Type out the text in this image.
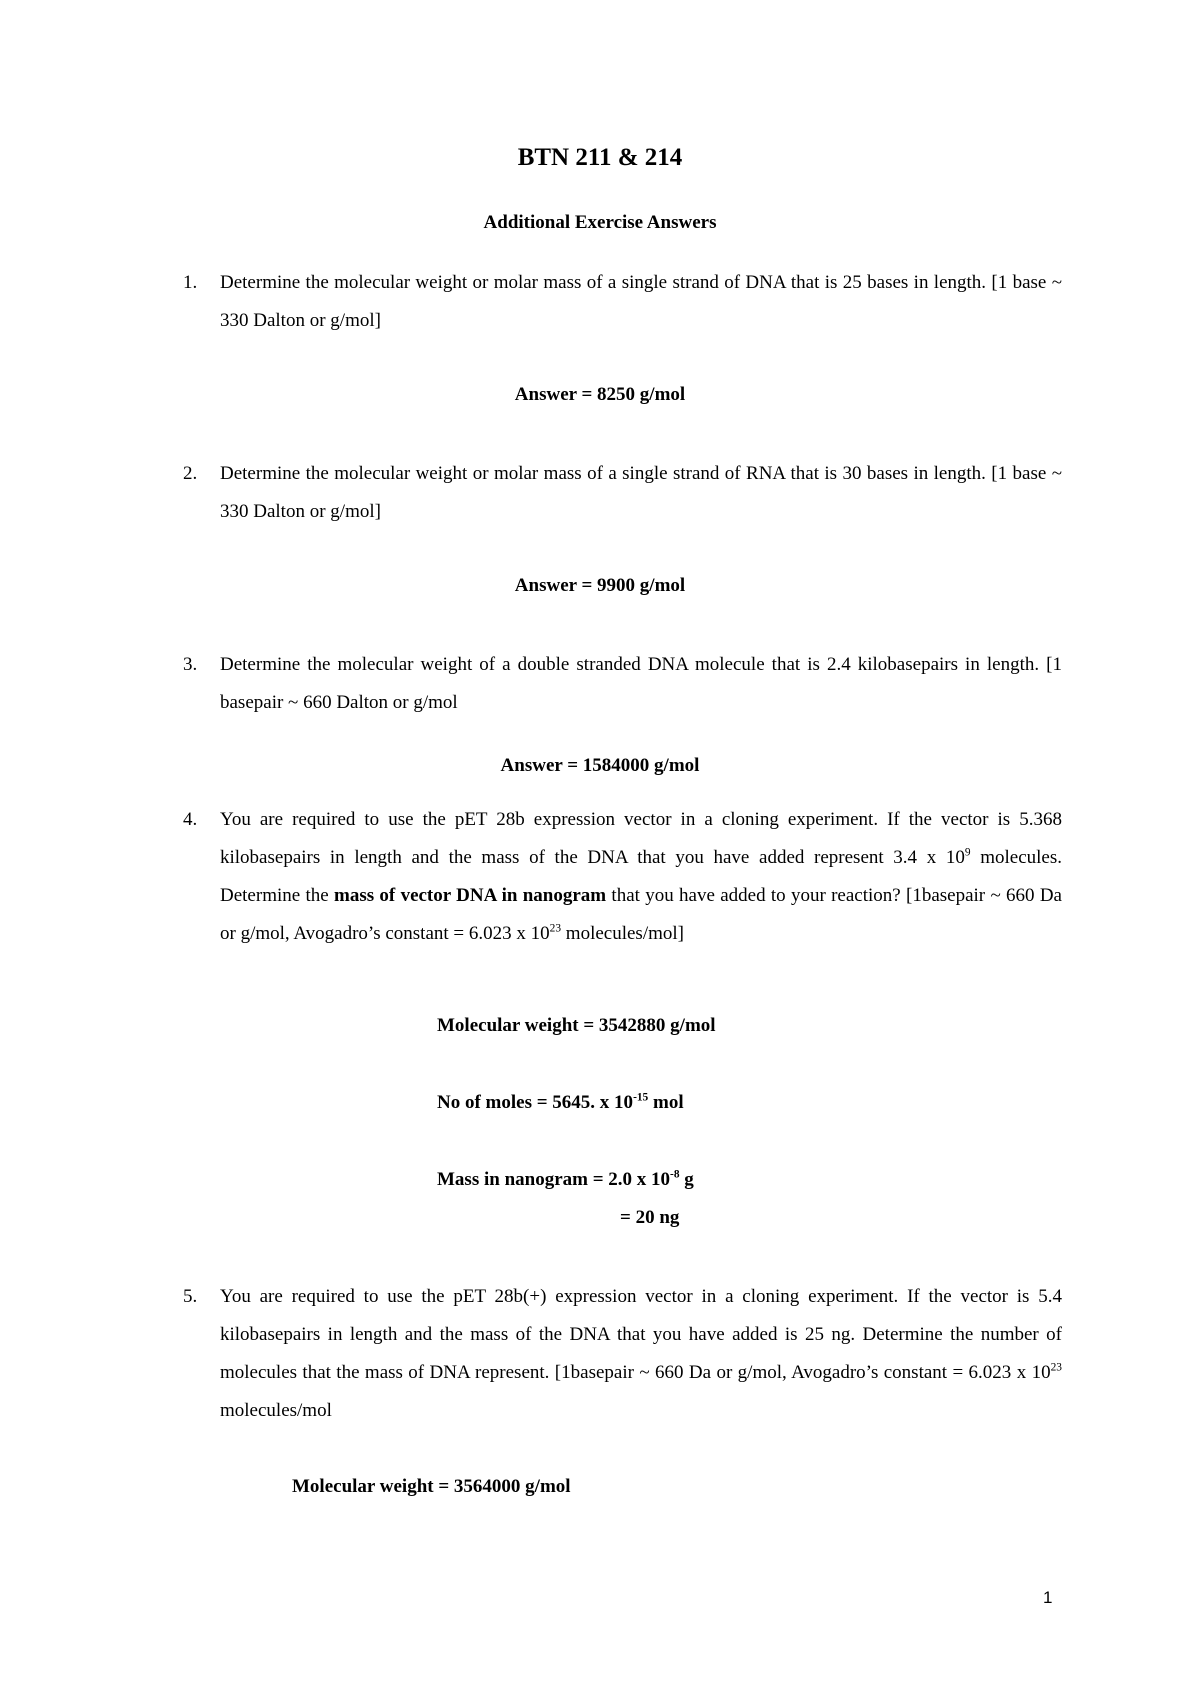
BTN 211 & 214
Additional Exercise Answers
1.	Determine the molecular weight or molar mass of a single strand of DNA that is 25 bases in length. [1 base ~ 330 Dalton or g/mol]

Answer = 8250 g/mol
2.	Determine the molecular weight or molar mass of a single strand of RNA that is 30 bases in length. [1 base ~ 330 Dalton or g/mol]

Answer = 9900 g/mol
3.	Determine the molecular weight of a double stranded DNA molecule that is 2.4 kilobasepairs in length. [1 basepair ~ 660 Dalton or g/mol

Answer = 1584000 g/mol
4.	You are required to use the pET 28b expression vector in a cloning experiment. If the vector is 5.368 kilobasepairs in length and the mass of the DNA that you have added represent 3.4 x $10^9$ molecules. Determine the mass of vector DNA in nanogram that you have added to your reaction? [1basepair ~ 660 Da or g/mol, Avogadro’s constant = 6.023 x $10^{23}$ molecules/mol]

Molecular weight = 3542880 g/mol
No of moles = 5645. x $10^{-15}$ mol
Mass in nanogram = 2.0 x $10^{-8}$ g
= 20 ng
5.	You are required to use the pET 28b(+) expression vector in a cloning experiment. If the vector is 5.4 kilobasepairs in length and the mass of the DNA that you have added is 25 ng. Determine the number of molecules that the mass of DNA represent. [1basepair ~ 660 Da or g/mol, Avogadro’s constant = 6.023 x $10^{23}$ molecules/mol

Molecular weight = 3564000 g/mol
1
